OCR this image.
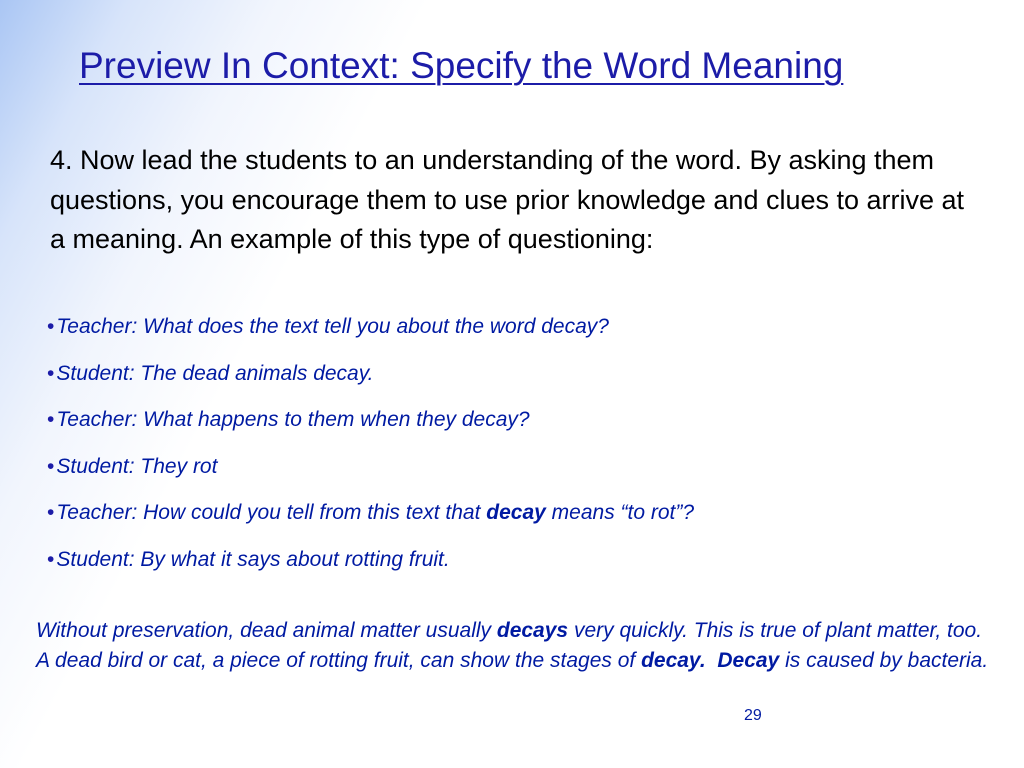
Preview In Context: Specify the Word Meaning

4. Now lead the students to an understanding of the word. By asking them questions, you encourage them to use prior knowledge and clues to arrive at a meaning. An example of this type of questioning:

•Teacher: What does the text tell you about the word decay?
•Student: The dead animals decay.
•Teacher: What happens to them when they decay?
•Student: They rot
•Teacher: How could you tell from this text that decay means “to rot”?
•Student: By what it says about rotting fruit.

Without preservation, dead animal matter usually decays very quickly. This is true of plant matter, too. A dead bird or cat, a piece of rotting fruit, can show the stages of decay. Decay is caused by bacteria.

29
